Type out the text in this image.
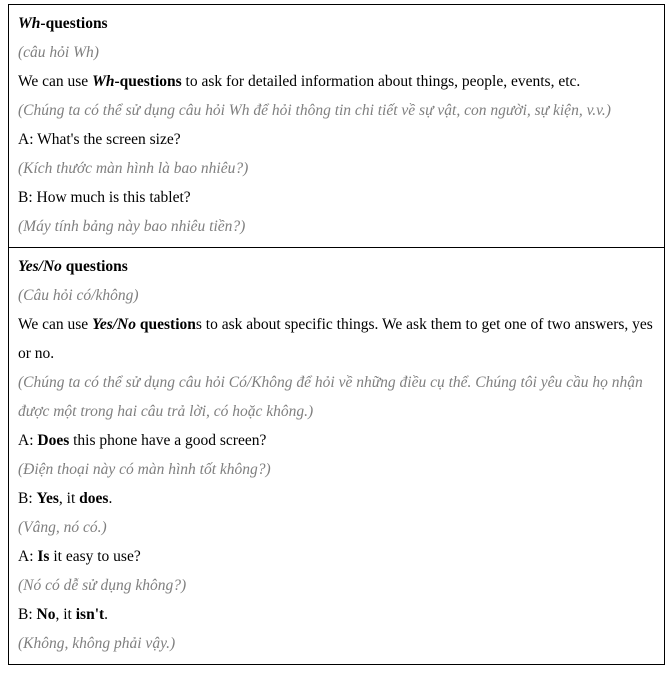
Wh-questions

(câu hỏi Wh)

We can use Wh-questions to ask for detailed information about things, people, events, etc.

(Chúng ta có thể sử dụng câu hỏi Wh để hỏi thông tin chi tiết về sự vật, con người, sự kiện, v.v.)

A: What's the screen size?

(Kích thước màn hình là bao nhiêu?)

B: How much is this tablet?

(Máy tính bảng này bao nhiêu tiền?)

Yes/No questions

(Câu hỏi có/không)

We can use Yes/No questions to ask about specific things. We ask them to get one of two answers, yes or no.

(Chúng ta có thể sử dụng câu hỏi Có/Không để hỏi về những điều cụ thể. Chúng tôi yêu cầu họ nhận được một trong hai câu trả lời, có hoặc không.)

A: Does this phone have a good screen?

(Điện thoại này có màn hình tốt không?)

B: Yes, it does.

(Vâng, nó có.)

A: Is it easy to use?

(Nó có dễ sử dụng không?)

B: No, it isn't.

(Không, không phải vậy.)
